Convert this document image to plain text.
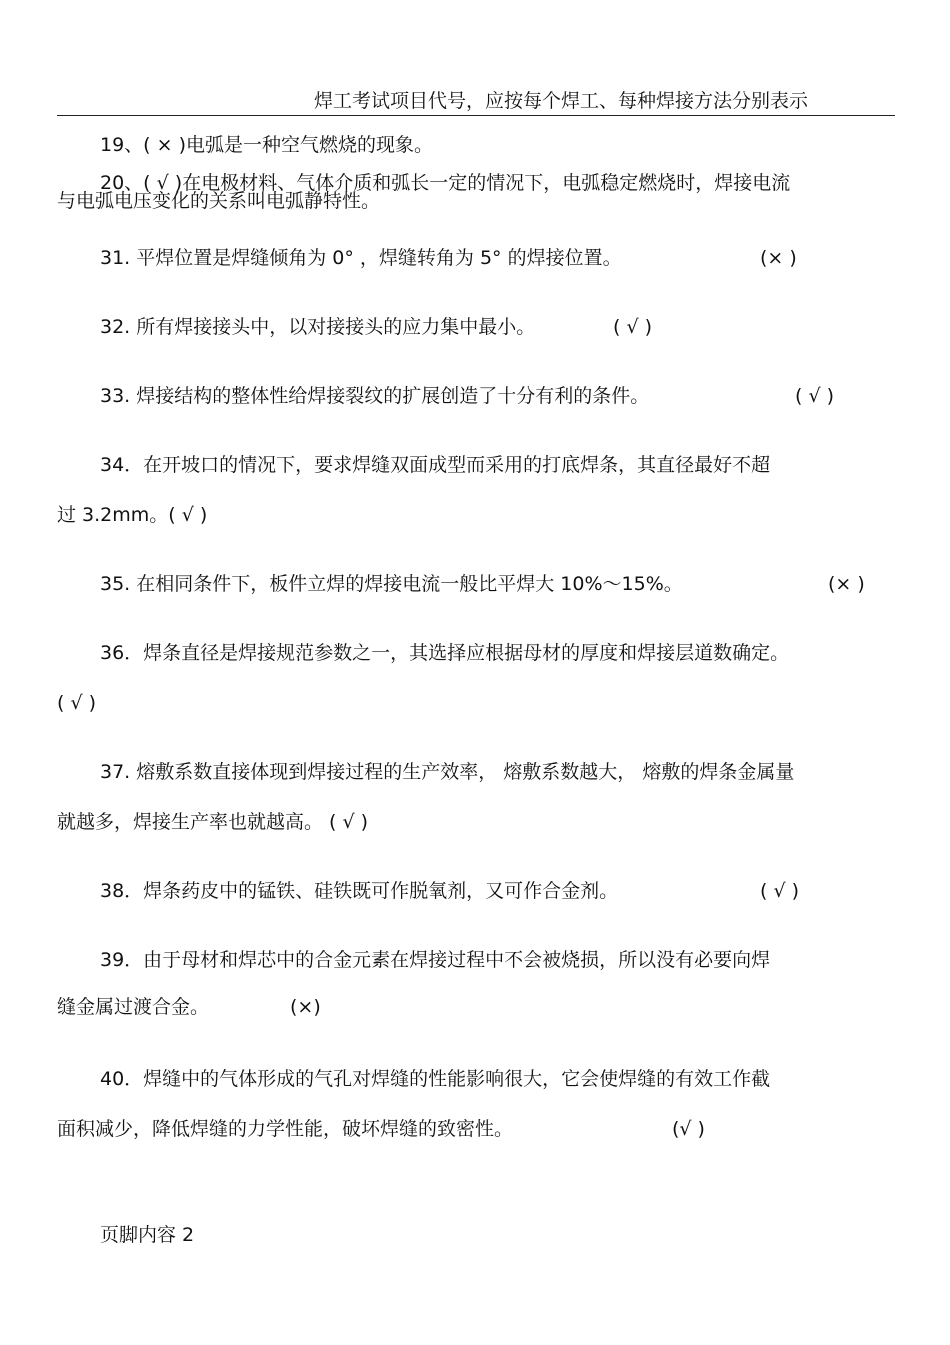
焊工考试项目代号，应按每个焊工、每种焊接方法分别表示
19、( × )电弧是一种空气燃烧的现象。
20、( √ )在电极材料、气体介质和弧长一定的情况下，电弧稳定燃烧时，焊接电流
与电弧电压变化的关系叫电弧静特性。
31. 平焊位置是焊缝倾角为 0° ，焊缝转角为 5° 的焊接位置。	(× )
32. 所有焊接接头中，以对接接头的应力集中最小。	( √ )
33. 焊接结构的整体性给焊接裂纹的扩展创造了十分有利的条件。	( √ )
34．在开坡口的情况下，要求焊缝双面成型而采用的打底焊条，其直径最好不超
过 3.2mm。( √ )
35. 在相同条件下，板件立焊的焊接电流一般比平焊大 10%～15%。	(× )
36．焊条直径是焊接规范参数之一，其选择应根据母材的厚度和焊接层道数确定。
( √ )
37. 熔敷系数直接体现到焊接过程的生产效率， 熔敷系数越大， 熔敷的焊条金属量
就越多，焊接生产率也就越高。 ( √ )
38．焊条药皮中的锰铁、硅铁既可作脱氧剂，又可作合金剂。	( √ )
39．由于母材和焊芯中的合金元素在焊接过程中不会被烧损，所以没有必要向焊
缝金属过渡合金。	(×)
40．焊缝中的气体形成的气孔对焊缝的性能影响很大，它会使焊缝的有效工作截
面积减少，降低焊缝的力学性能，破坏焊缝的致密性。	(√ )
页脚内容 2
